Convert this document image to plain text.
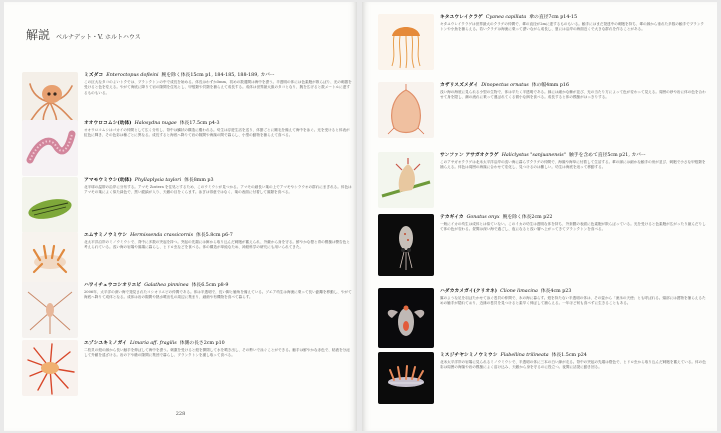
解説 ベルナデット・V. ホルトハウス
ミズダコ Enteroctopus dofleini 腕を除く体長15cm p1, 184-185, 188-189, カバー
この巨大なタコのよいトクでは、プランクトンの中で成長を始める。体長はわずか5mm、初めの数週間は海中を漂う。半透明の体には色素胞が散らばり、光の刺激を受けると色を変える。やがて海底に降りて岩の隙間を住処とし、甲殻類や貝類を捕らえて成長する。成体は世界最大級のタコとなり、腕を広げると数メートルに達するものもいる。
オオウロコムシ(幼体) Halosydna nugae 体長17.5cm p4-3
オオウロコムシはゴカイの仲間として広く分布し、背中は鱗状の構造に覆われる。幼生は浮遊生活を送り、体節ごとに剛毛を備えて海中を泳ぐ。光を受けると体表が虹色に輝き、その色彩は種ごとに異なる。成長すると海底へ降りて岩の隙間や海藻の間で暮らし、小型の動物を捕らえて食べる。
アマモウミウシ(幼体) Phyllaplysia taylori 体長8mm p3
北半球の温帯の沿岸に分布する。アマモ Zostera を住処とするため、このウミウシが見つかる。アマモの細長い葉の上でアマモやシラウオの群れにまぎれる。体色はアマモの葉によく似た緑色で、黒い縦縞が入り、天敵の目をくらます。泳ぎは得意ではなく、葉の表面に付着して藻類を食べる。
エムサミノウミウシ Hermissenda crassicornis 体長5.8cm p6-7
北太平洋沿岸のミノウミウシで、背中に多数の突起を持つ。突起の先端には餌から取り込んだ刺胞が蓄えられ、外敵から身を守る。鮮やかな橙と青の模様は警告色と考えられている。浅い海の岩場や藻場に暮らし、ヒドロ虫などを食べる。体の構造が単純なため、神経科学の研究にも用いられてきた。
ハワイチュウコシオリエビ Galathea pinninea 体長6.5cm p8-9
2006年、太平洋の深い海で発見されたコシオリエビの仲間である。体は半透明で、長い脚と触角を備えている。ゾエア幼生は海流に乗って長い距離を移動し、やがて海底へ降りて成体となる。成体は岩の隙間や熱水噴出孔の周辺に集まり、細菌や有機物を食べて暮らす。
エゾシユキミノガイ Limaria aff. fragilis 体側の長さ2cm p10
二枚貝の殻の縁から長い触手を伸ばして海中を漂う。刺激を受けると殻を開閉して水を噴き出し、その勢いで泳ぐことができる。触手は鮮やかな赤色で、粘液を分泌して外敵を遠ざける。岩の下や礁の隙間に集団で暮らし、プランクトンを濾し取って食べる。
228
キタユウレイクラゲ Cyanea capillata 傘の直径7cm p14-15
キタユウレイクラゲは世界最大のクラゲの仲間で、傘の直径が2mに達するものもいる。触手にはまだ発達中の刺胞を持ち、傘の縁から垂れた多数の触手でプランクトンや小魚を捕らえる。若いクラゲは海流に乗って漂いながら成長し、夏には沿岸の海面近くで大きな群れを作ることがある。
カザリスズメダイ Dinopectus ornatus 体の幅4mm p16
浅い海の海底に見られる小型の生物で、体は平たく半透明である。縁には細かな棘が並び、光の当たり方によって色が変わって見える。周囲の砂や岩に体の色を合わせて身を隠し、潮の流れに乗って運ばれてくる微小な餌を食べる。成長すると体の模様がはっきりする。
サンファン アサガオクラゲ Haliclystus "sanjuanensis" 触手を含めて直径5cm p21, カバー
このアサガオクラゲは北米太平洋沿岸の浅い海に暮らすクラゲの仲間で、海藻や海草に付着して生活する。傘の縁には細かな触手の房が並び、刺胞で小さな甲殻類を捕らえる。体色は周囲の海藻に合わせて変化し、見つけるのは難しい。幼生は海底を這って移動する。
テカギイカ Gonatus onyx 腕を除く体長2cm p22
一般にイカの幼生は成体とは似ていない。このイカの幼生は透明な体を持ち、外套膜の表面に色素胞が散らばっている。光を受けると色素胞が広がったり縮んだりして体の色が変わる。昼間は深い海で過ごし、夜になると浅い層へ上がってきてプランクトンを食べる。
ハダカカメガイ(クリオネ) Clione limacina 体長4cm p23
翼のような足を羽ばたかせて泳ぐ巻貝の仲間で、氷の海に暮らす。殻を持たない半透明の体は、その姿から「流氷の天使」とも呼ばれる。頭部には獲物を捕らえるための触手が隠れており、近縁の巻貝を見つけると素早く伸ばして捕らえる。一年ほど何も食べずに生きることもある。
ミスジチヤシミノウミウシ Flabellina trilineata 体長1.5cm p24
北米太平洋岸の岩場に見られるミノウミウシで、半透明の体に三本の白い線が走る。背中の突起の先端は橙色で、ヒドロ虫から取り込んだ刺胞を蓄えている。体の色彩は周囲の海藻や岩の模様によく溶け込み、天敵から身を守るのに役立つ。夜間に活発に動き回る。
